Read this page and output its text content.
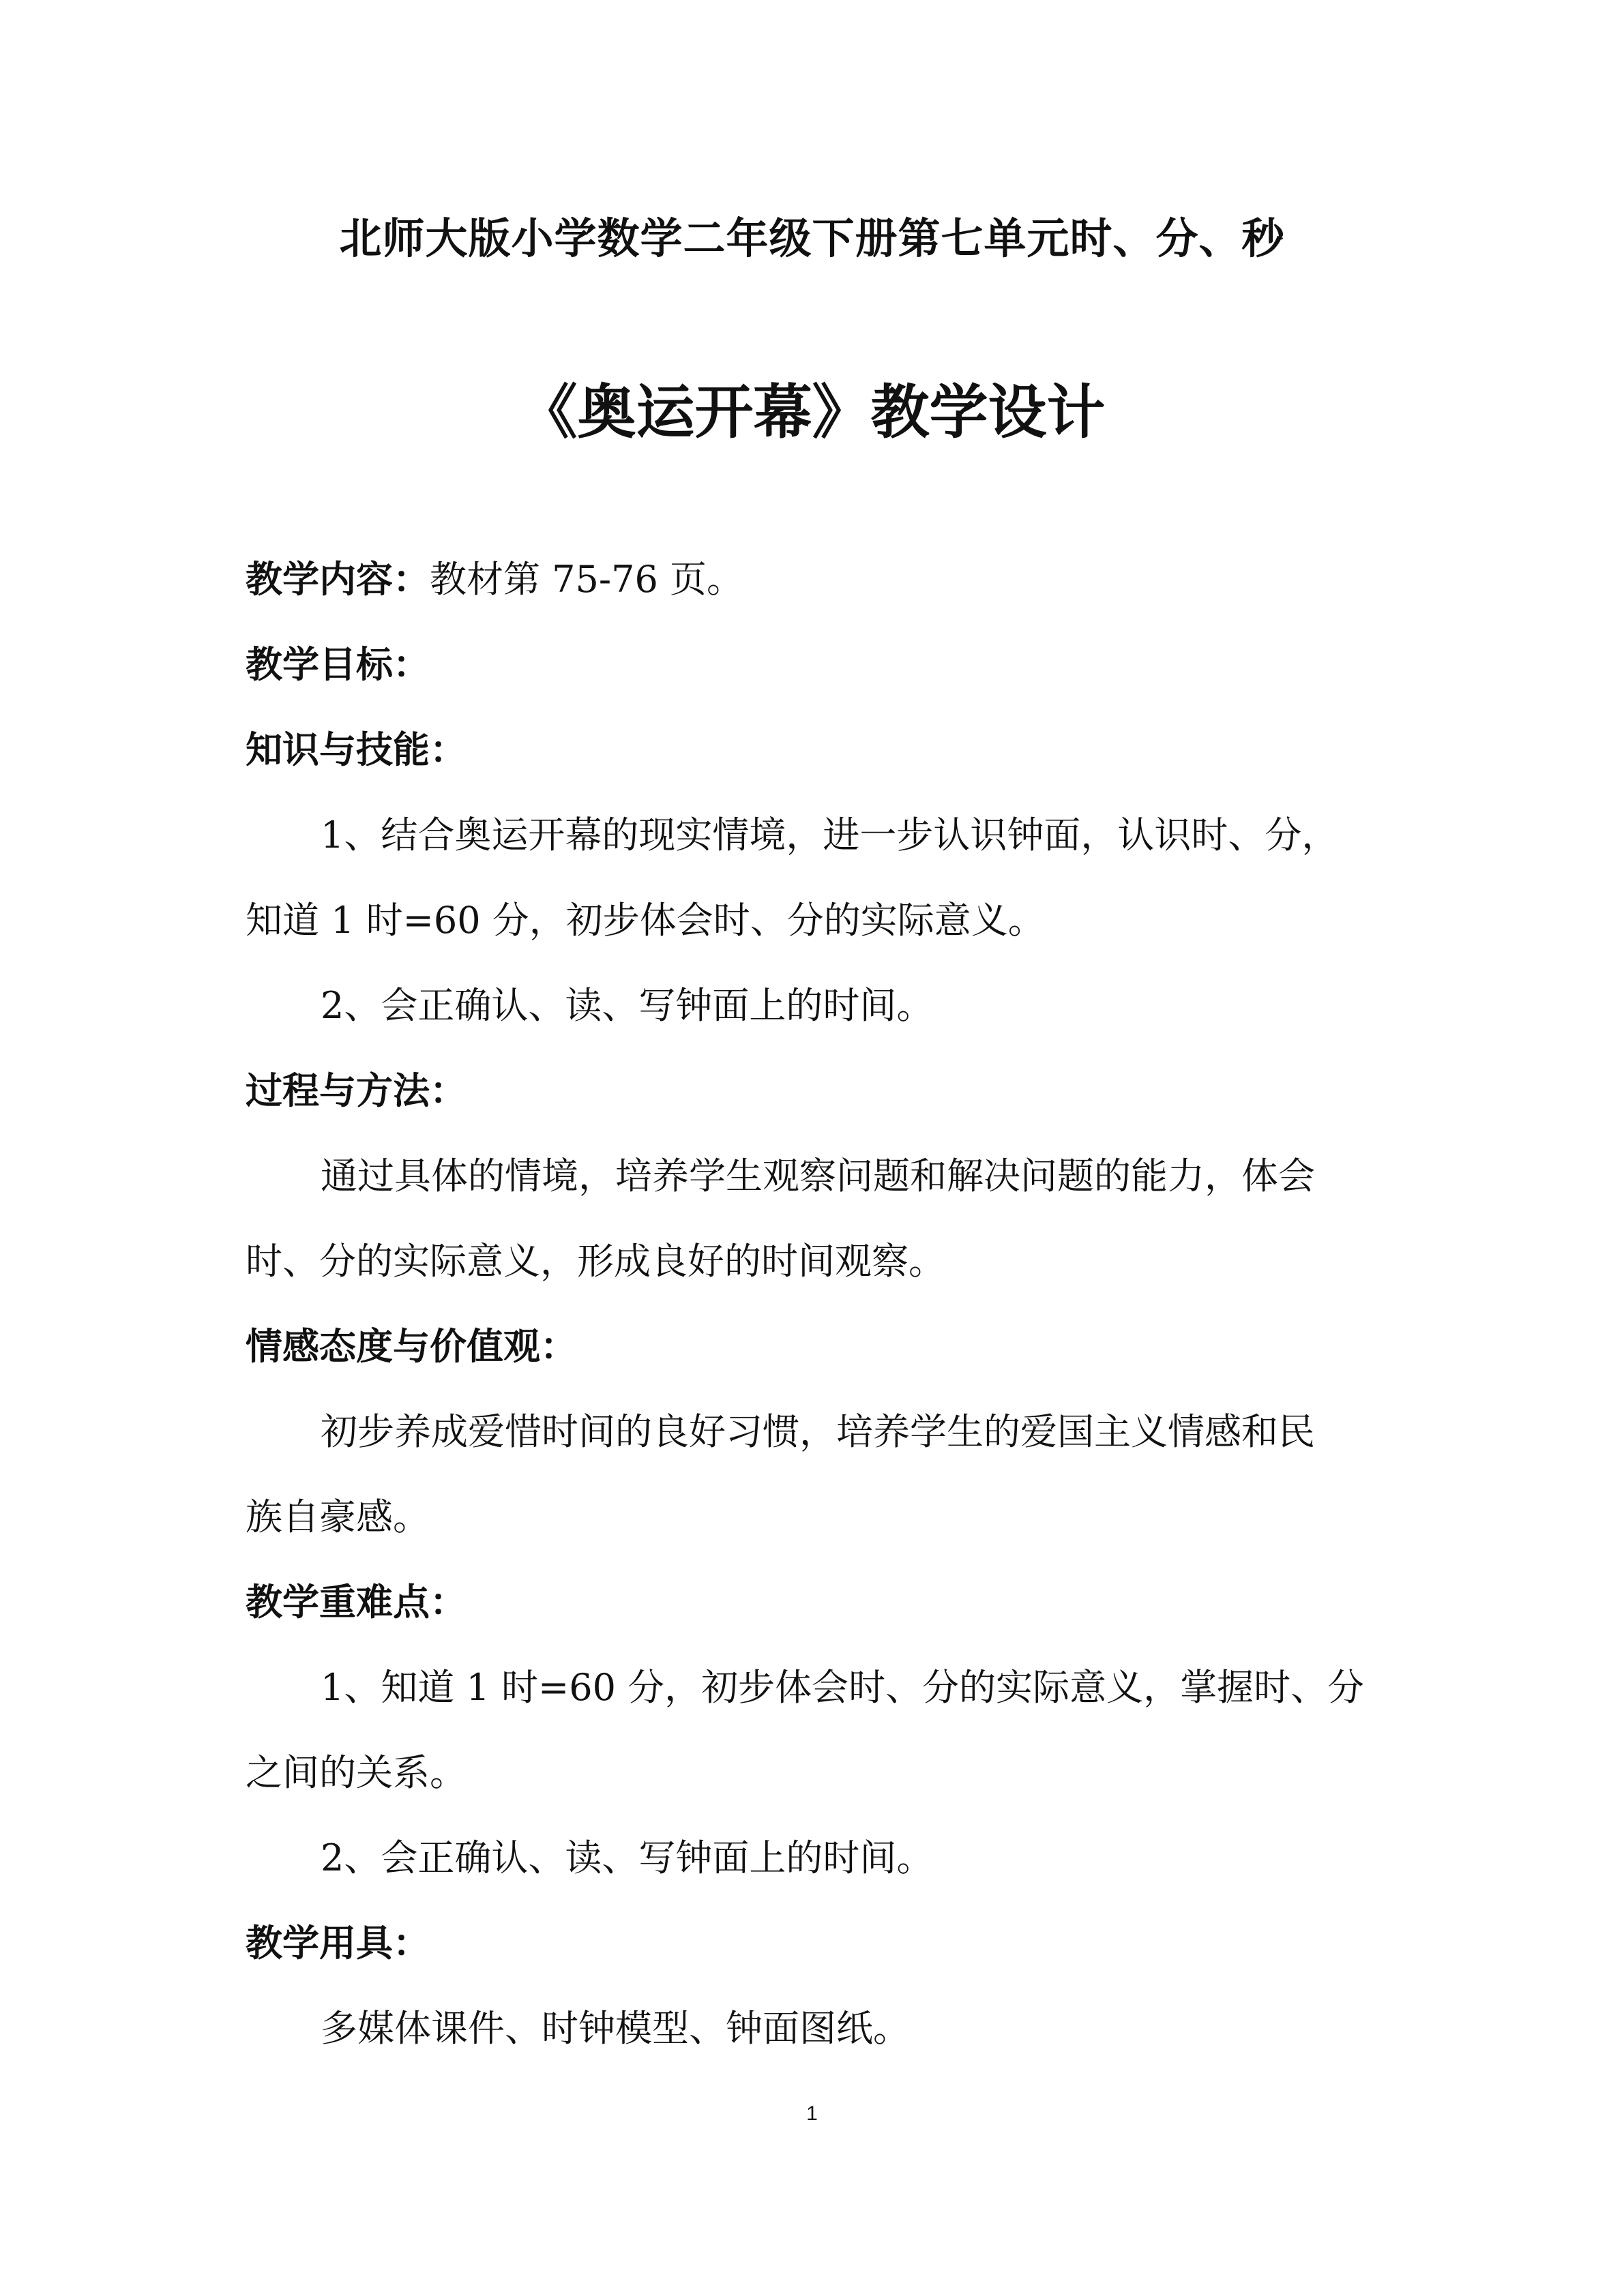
北师大版小学数学二年级下册第七单元时、分、秒
《奥运开幕》教学设计
教学内容：教材第 75-76 页。
教学目标：
知识与技能：
1、结合奥运开幕的现实情境，进一步认识钟面，认识时、分，
知道 1 时=60 分，初步体会时、分的实际意义。
2、会正确认、读、写钟面上的时间。
过程与方法：
通过具体的情境，培养学生观察问题和解决问题的能力，体会
时、分的实际意义，形成良好的时间观察。
情感态度与价值观：
初步养成爱惜时间的良好习惯，培养学生的爱国主义情感和民
族自豪感。
教学重难点：
1、知道 1 时=60 分，初步体会时、分的实际意义，掌握时、分
之间的关系。
2、会正确认、读、写钟面上的时间。
教学用具：
多媒体课件、时钟模型、钟面图纸。
1
